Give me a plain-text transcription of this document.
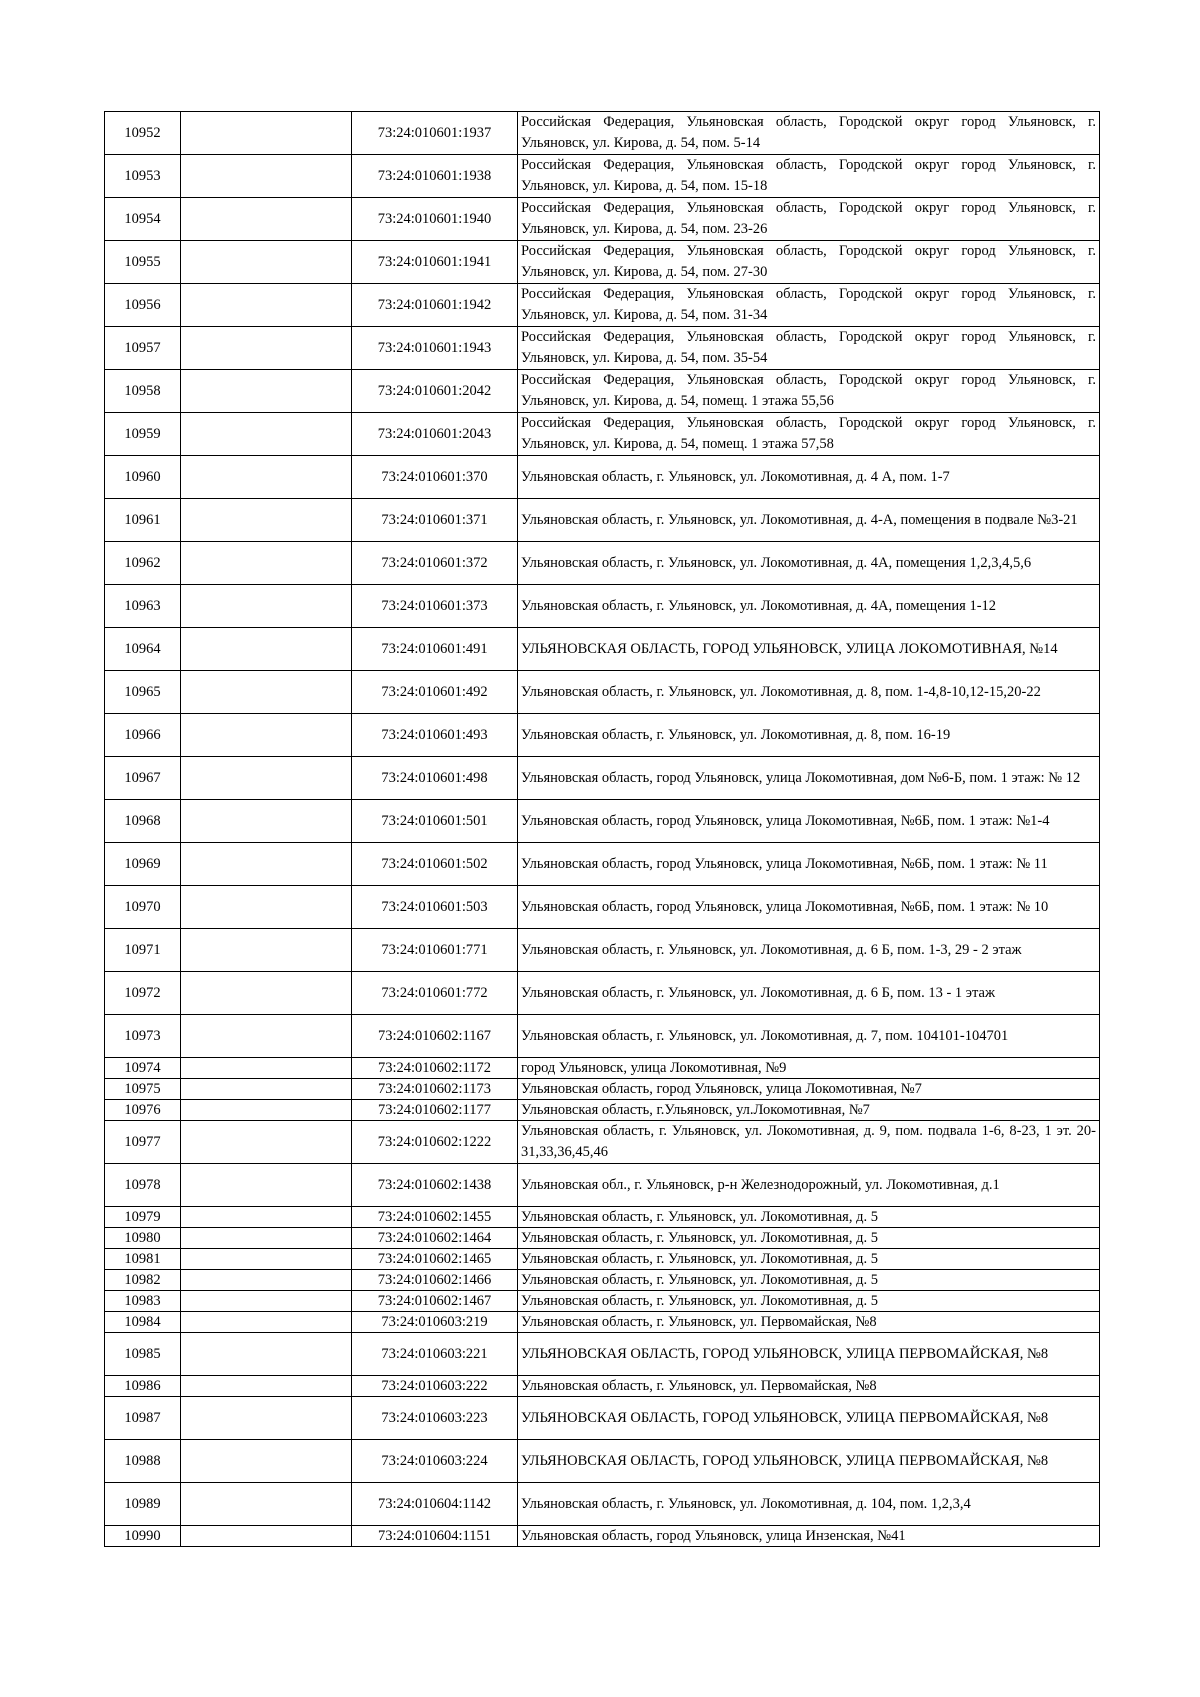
10952		73:24:010601:1937	Российская Федерация, Ульяновская область, Городской округ город Ульяновск, г. Ульяновск, ул. Кирова, д. 54, пом. 5-14
10953		73:24:010601:1938	Российская Федерация, Ульяновская область, Городской округ город Ульяновск, г. Ульяновск, ул. Кирова, д. 54, пом. 15-18
10954		73:24:010601:1940	Российская Федерация, Ульяновская область, Городской округ город Ульяновск, г. Ульяновск, ул. Кирова, д. 54, пом. 23-26
10955		73:24:010601:1941	Российская Федерация, Ульяновская область, Городской округ город Ульяновск, г. Ульяновск, ул. Кирова, д. 54, пом. 27-30
10956		73:24:010601:1942	Российская Федерация, Ульяновская область, Городской округ город Ульяновск, г. Ульяновск, ул. Кирова, д. 54, пом. 31-34
10957		73:24:010601:1943	Российская Федерация, Ульяновская область, Городской округ город Ульяновск, г. Ульяновск, ул. Кирова, д. 54, пом. 35-54
10958		73:24:010601:2042	Российская Федерация, Ульяновская область, Городской округ город Ульяновск, г. Ульяновск, ул. Кирова, д. 54, помещ. 1 этажа 55,56
10959		73:24:010601:2043	Российская Федерация, Ульяновская область, Городской округ город Ульяновск, г. Ульяновск, ул. Кирова, д. 54, помещ. 1 этажа 57,58
10960		73:24:010601:370	Ульяновская область, г. Ульяновск, ул. Локомотивная, д. 4 А, пом. 1-7
10961		73:24:010601:371	Ульяновская область, г. Ульяновск, ул. Локомотивная, д. 4-А, помещения в подвале №3-21
10962		73:24:010601:372	Ульяновская область, г. Ульяновск, ул. Локомотивная, д. 4А, помещения 1,2,3,4,5,6
10963		73:24:010601:373	Ульяновская область, г. Ульяновск, ул. Локомотивная, д. 4А, помещения 1-12
10964		73:24:010601:491	УЛЬЯНОВСКАЯ ОБЛАСТЬ, ГОРОД УЛЬЯНОВСК, УЛИЦА ЛОКОМОТИВНАЯ, №14
10965		73:24:010601:492	Ульяновская область, г. Ульяновск, ул. Локомотивная, д. 8, пом. 1-4,8-10,12-15,20-22
10966		73:24:010601:493	Ульяновская область, г. Ульяновск, ул. Локомотивная, д. 8, пом. 16-19
10967		73:24:010601:498	Ульяновская область, город Ульяновск, улица Локомотивная, дом №6-Б, пом. 1 этаж: № 12
10968		73:24:010601:501	Ульяновская область, город Ульяновск, улица Локомотивная, №6Б, пом. 1 этаж: №1-4
10969		73:24:010601:502	Ульяновская область, город Ульяновск, улица Локомотивная, №6Б, пом. 1 этаж: № 11
10970		73:24:010601:503	Ульяновская область, город Ульяновск, улица Локомотивная, №6Б, пом. 1 этаж: № 10
10971		73:24:010601:771	Ульяновская область, г. Ульяновск, ул. Локомотивная, д. 6 Б, пом. 1-3, 29 - 2 этаж
10972		73:24:010601:772	Ульяновская область, г. Ульяновск, ул. Локомотивная, д. 6 Б, пом. 13 - 1 этаж
10973		73:24:010602:1167	Ульяновская область, г. Ульяновск, ул. Локомотивная, д. 7, пом. 104101-104701
10974		73:24:010602:1172	город Ульяновск, улица Локомотивная, №9
10975		73:24:010602:1173	Ульяновская область, город Ульяновск, улица Локомотивная, №7
10976		73:24:010602:1177	Ульяновская область, г.Ульяновск, ул.Локомотивная, №7
10977		73:24:010602:1222	Ульяновская область, г. Ульяновск, ул. Локомотивная, д. 9, пом. подвала 1-6, 8-23, 1 эт. 20-31,33,36,45,46
10978		73:24:010602:1438	Ульяновская обл., г. Ульяновск, р-н Железнодорожный, ул. Локомотивная, д.1
10979		73:24:010602:1455	Ульяновская область, г. Ульяновск, ул. Локомотивная, д. 5
10980		73:24:010602:1464	Ульяновская область, г. Ульяновск, ул. Локомотивная, д. 5
10981		73:24:010602:1465	Ульяновская область, г. Ульяновск, ул. Локомотивная, д. 5
10982		73:24:010602:1466	Ульяновская область, г. Ульяновск, ул. Локомотивная, д. 5
10983		73:24:010602:1467	Ульяновская область, г. Ульяновск, ул. Локомотивная, д. 5
10984		73:24:010603:219	Ульяновская область, г. Ульяновск, ул. Первомайская, №8
10985		73:24:010603:221	УЛЬЯНОВСКАЯ ОБЛАСТЬ, ГОРОД УЛЬЯНОВСК, УЛИЦА ПЕРВОМАЙСКАЯ, №8
10986		73:24:010603:222	Ульяновская область, г. Ульяновск, ул. Первомайская, №8
10987		73:24:010603:223	УЛЬЯНОВСКАЯ ОБЛАСТЬ, ГОРОД УЛЬЯНОВСК, УЛИЦА ПЕРВОМАЙСКАЯ, №8
10988		73:24:010603:224	УЛЬЯНОВСКАЯ ОБЛАСТЬ, ГОРОД УЛЬЯНОВСК, УЛИЦА ПЕРВОМАЙСКАЯ, №8
10989		73:24:010604:1142	Ульяновская область, г. Ульяновск, ул. Локомотивная, д. 104, пом. 1,2,3,4
10990		73:24:010604:1151	Ульяновская область, город Ульяновск, улица Инзенская, №41
